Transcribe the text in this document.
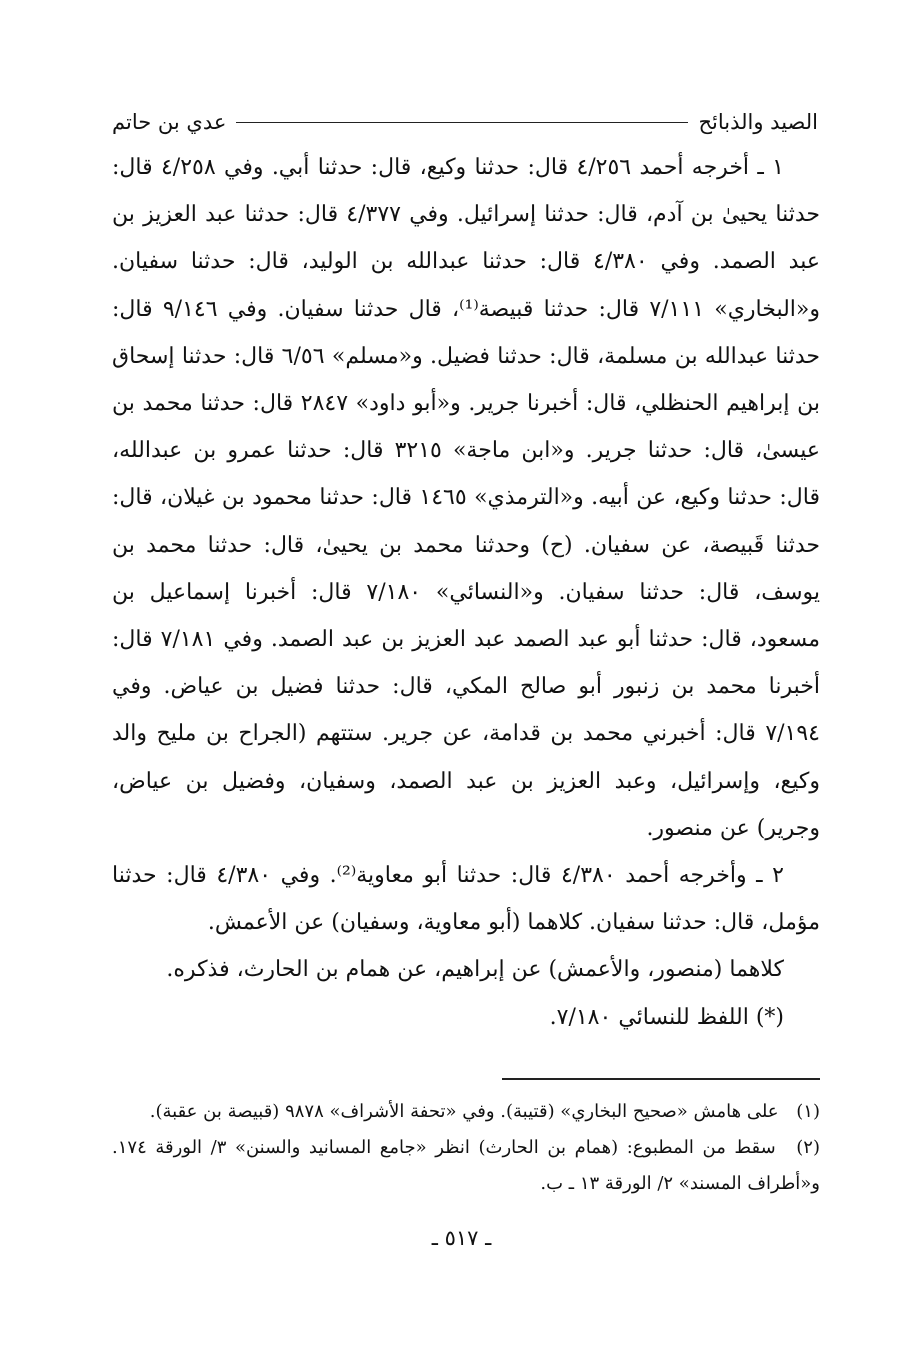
الصيد والذبائح
عدي بن حاتم

١ ـ أخرجه أحمد ٤/٢٥٦ قال: حدثنا وكيع، قال: حدثنا أبي. وفي ٤/٢٥٨ قال: حدثنا يحيىٰ بن آدم، قال: حدثنا إسرائيل. وفي ٤/٣٧٧ قال: حدثنا عبد العزيز بن عبد الصمد. وفي ٤/٣٨٠ قال: حدثنا عبدالله بن الوليد، قال: حدثنا سفيان. و«البخاري» ٧/١١١ قال: حدثنا قبيصة⁽¹⁾، قال حدثنا سفيان. وفي ٩/١٤٦ قال: حدثنا عبدالله بن مسلمة، قال: حدثنا فضيل. و«مسلم» ٦/٥٦ قال: حدثنا إسحاق بن إبراهيم الحنظلي، قال: أخبرنا جرير. و«أبو داود» ٢٨٤٧ قال: حدثنا محمد بن عيسىٰ، قال: حدثنا جرير. و«ابن ماجة» ٣٢١٥ قال: حدثنا عمرو بن عبدالله، قال: حدثنا وكيع، عن أبيه. و«الترمذي» ١٤٦٥ قال: حدثنا محمود بن غيلان، قال: حدثنا قَبيصة، عن سفيان. (ح) وحدثنا محمد بن يحيىٰ، قال: حدثنا محمد بن يوسف، قال: حدثنا سفيان. و«النسائي» ٧/١٨٠ قال: أخبرنا إسماعيل بن مسعود، قال: حدثنا أبو عبد الصمد عبد العزيز بن عبد الصمد. وفي ٧/١٨١ قال: أخبرنا محمد بن زنبور أبو صالح المكي، قال: حدثنا فضيل بن عياض. وفي ٧/١٩٤ قال: أخبرني محمد بن قدامة، عن جرير. ستتهم (الجراح بن مليح والد وكيع، وإسرائيل، وعبد العزيز بن عبد الصمد، وسفيان، وفضيل بن عياض، وجرير) عن منصور.

٢ ـ وأخرجه أحمد ٤/٣٨٠ قال: حدثنا أبو معاوية⁽²⁾. وفي ٤/٣٨٠ قال: حدثنا مؤمل، قال: حدثنا سفيان. كلاهما (أبو معاوية، وسفيان) عن الأعمش.

كلاهما (منصور، والأعمش) عن إبراهيم، عن همام بن الحارث، فذكره.

(*) اللفظ للنسائي ٧/١٨٠.

(١) على هامش «صحيح البخاري» (قتيبة). وفي «تحفة الأشراف» ٩٨٧٨ (قبيصة بن عقبة).

(٢) سقط من المطبوع: (همام بن الحارث) انظر «جامع المسانيد والسنن» ٣/ الورقة ١٧٤. و«أطراف المسند» ٢/ الورقة ١٣ ـ ب.

ـ ٥١٧ ـ
